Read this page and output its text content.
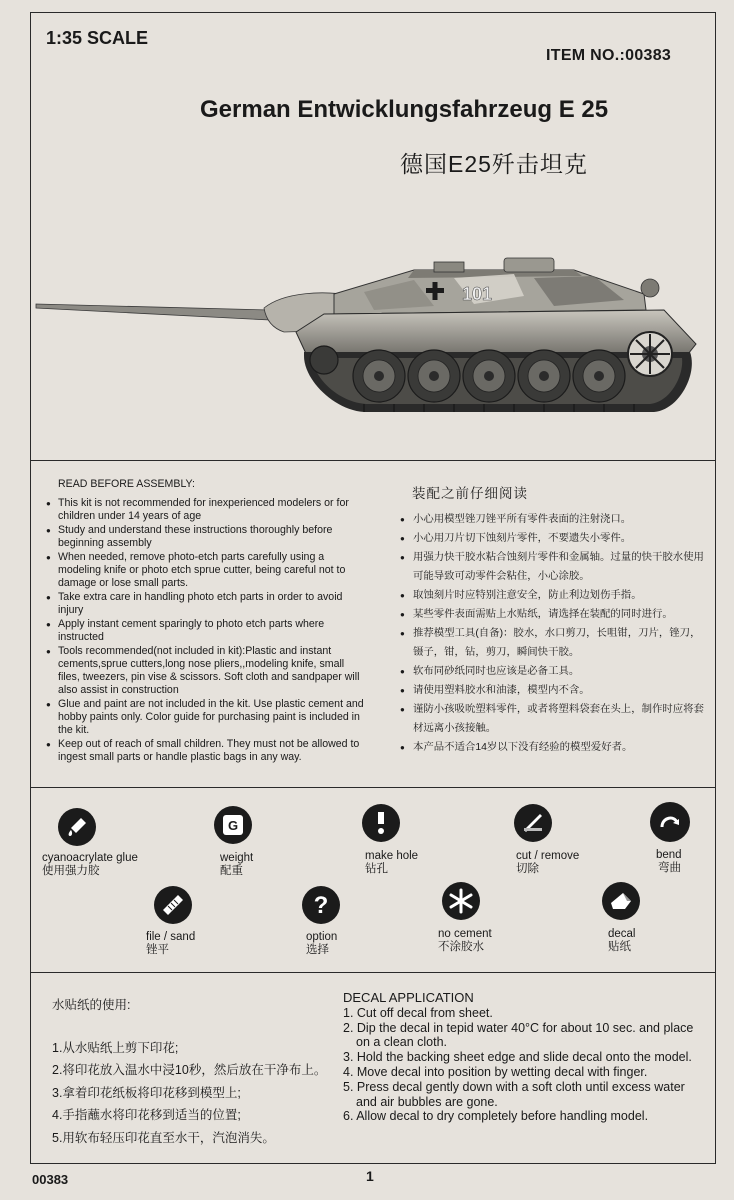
1:35 SCALE
ITEM NO.:00383
German Entwicklungsfahrzeug E 25
德国E25歼击坦克
101
READ BEFORE ASSEMBLY:
● This kit is not recommended for inexperienced modelers or for children under 14 years of age
● Study and understand these instructions thoroughly before beginning assembly
● When needed, remove photo-etch parts carefully using a modeling knife or photo etch sprue cutter, being careful not to damage or lose small parts.
● Take extra care in handling photo etch parts in order to avoid injury
● Apply instant cement sparingly to photo etch parts where instructed
● Tools recommended(not included in kit):Plastic and instant cements,sprue cutters,long nose pliers,,modeling knife, small files, tweezers, pin vise & scissors. Soft cloth and sandpaper will also assist in construction
● Glue and paint are not included in the kit. Use plastic cement and hobby paints only. Color guide for purchasing paint is included in the kit.
● Keep out of reach of small children. They must not be allowed to ingest small parts or handle plastic bags in any way.
装配之前仔细阅读
● 小心用模型锉刀锉平所有零件表面的注射浇口。
● 小心用刀片切下蚀刻片零件，不要遗失小零件。
● 用强力快干胶水粘合蚀刻片零件和金属轴。过量的快干胶水使用可能导致可动零件会粘住，小心涂胶。
● 取蚀刻片时应特别注意安全，防止利边划伤手指。
● 某些零件表面需贴上水贴纸，请选择在装配的同时进行。
● 推荐模型工具(自备)：胶水，水口剪刀，长咀钳，刀片，锉刀，镊子，钳，钻，剪刀，瞬间快干胶。
● 软布同砂纸同时也应该是必备工具。
● 请使用塑料胶水和油漆，模型内不含。
● 谨防小孩吸吮塑料零件，或者将塑料袋套在头上，制作时应将套材远离小孩接触。
● 本产品不适合14岁以下没有经验的模型爱好者。
cyanoacrylate glue
使用强力胶
G
weight
配重
make hole
钻孔
cut / remove
切除
bend
弯曲
file / sand
锉平
?
option
选择
no cement
不涂胶水
decal
贴纸
水贴纸的使用:
1.从水贴纸上剪下印花;
2.将印花放入温水中浸10秒，然后放在干净布上。
3.拿着印花纸板将印花移到模型上;
4.手指蘸水将印花移到适当的位置;
5.用软布轻压印花直至水干，汽泡消失。
DECAL APPLICATION
1. Cut off decal from sheet.
2. Dip the decal in tepid water 40°C for about 10 sec. and place on a clean cloth.
3. Hold the backing sheet edge and slide decal onto the model.
4. Move decal into position by wetting decal with finger.
5. Press decal gently down with a soft cloth until excess water and air bubbles are gone.
6. Allow decal to dry completely before handling model.
00383	1
